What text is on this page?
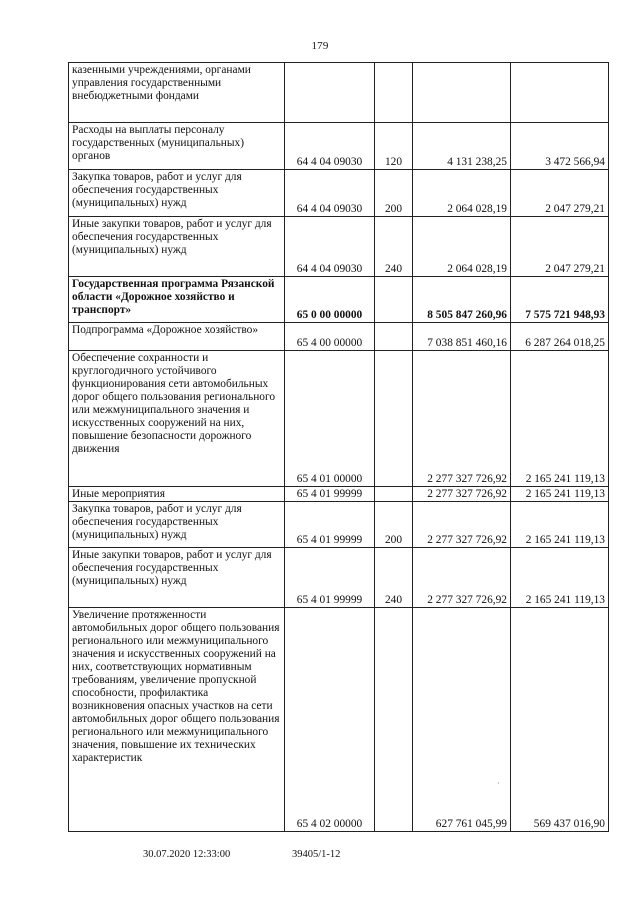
179
казенными учреждениями, органами управления государственными внебюджетными фондами				
Расходы на выплаты персоналу государственных (муниципальных) органов	64 4 04 09030	120	4 131 238,25	3 472 566,94
Закупка товаров, работ и услуг для обеспечения государственных (муниципальных) нужд	64 4 04 09030	200	2 064 028,19	2 047 279,21
Иные закупки товаров, работ и услуг для обеспечения государственных (муниципальных) нужд	64 4 04 09030	240	2 064 028,19	2 047 279,21
Государственная программа Рязанской области «Дорожное хозяйство и транспорт»	65 0 00 00000		8 505 847 260,96	7 575 721 948,93
Подпрограмма «Дорожное хозяйство»	65 4 00 00000		7 038 851 460,16	6 287 264 018,25
Обеспечение сохранности и круглогодичного устойчивого функционирования сети автомобильных дорог общего пользования регионального или межмуниципального значения и искусственных сооружений на них, повышение безопасности дорожного движения	65 4 01 00000		2 277 327 726,92	2 165 241 119,13
Иные мероприятия	65 4 01 99999		2 277 327 726,92	2 165 241 119,13
Закупка товаров, работ и услуг для обеспечения государственных (муниципальных) нужд	65 4 01 99999	200	2 277 327 726,92	2 165 241 119,13
Иные закупки товаров, работ и услуг для обеспечения государственных (муниципальных) нужд	65 4 01 99999	240	2 277 327 726,92	2 165 241 119,13
Увеличение протяженности автомобильных дорог общего пользования регионального или межмуниципального значения и искусственных сооружений на них, соответствующих нормативным требованиям, увеличение пропускной способности, профилактика возникновения опасных участков на сети автомобильных дорог общего пользования регионального или межмуниципального значения, повышение их технических характеристик	65 4 02 00000		627 761 045,99	569 437 016,90
·
30.07.2020 12:33:00	39405/1-12
